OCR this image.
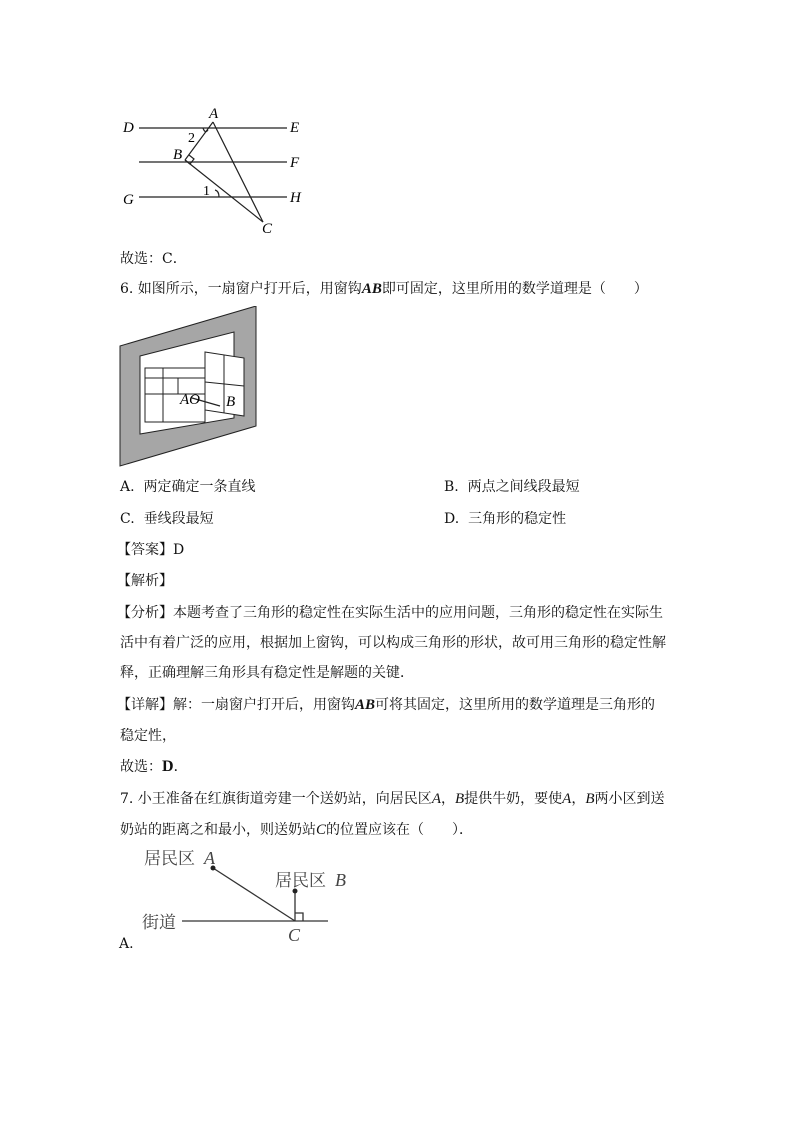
D
A
E
2
B	F
G
1	H
C
故选：C．
6. 如图所示，一扇窗户打开后，用窗钩AB即可固定，这里所用的数学道理是（　　）
AO B
A. 两定确定一条直线	B. 两点之间线段最短
C. 垂线段最短	D. 三角形的稳定性
【答案】D
【解析】
【分析】本题考查了三角形的稳定性在实际生活中的应用问题，三角形的稳定性在实际生
活中有着广泛的应用，根据加上窗钩，可以构成三角形的形状，故可用三角形的稳定性解
释，正确理解三角形具有稳定性是解题的关键．
【详解】解：一扇窗户打开后，用窗钩AB可将其固定，这里所用的数学道理是三角形的
稳定性，
故选：D．
7. 小王准备在红旗街道旁建一个送奶站，向居民区A，B提供牛奶，要使A，B两小区到送
奶站的距离之和最小，则送奶站C的位置应该在（　　）．
居民区 A
居民区 B
街道
C
A.
